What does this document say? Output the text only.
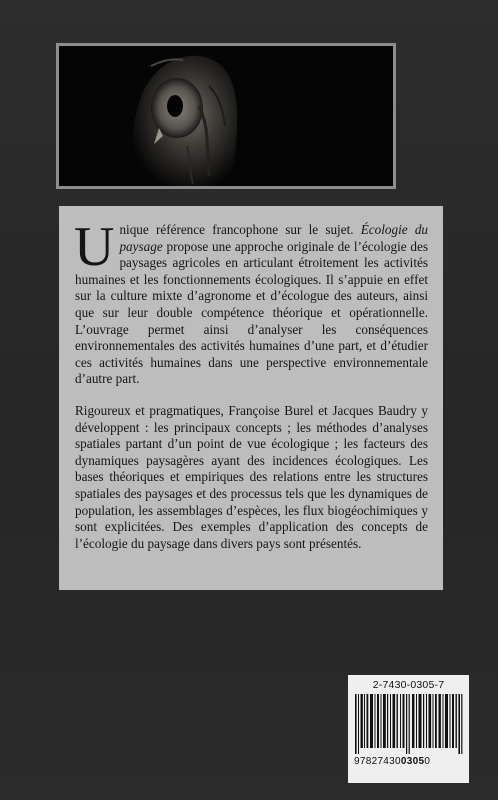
Unique référence francophone sur le sujet. Écologie du paysage propose une approche originale de l’écologie des paysages agricoles en articulant étroitement les activités humaines et les fonctionnements écologiques. Il s’appuie en effet sur la culture mixte d’agronome et d’écologue des auteurs, ainsi que sur leur double compétence théorique et opérationnelle. L’ouvrage permet ainsi d’analyser les conséquences environnementales des activités humaines d’une part, et d’étudier ces activités humaines dans une perspective environnementale d’autre part.

Rigoureux et pragmatiques, Françoise Burel et Jacques Baudry y développent : les principaux concepts ; les méthodes d’analyses spatiales partant d’un point de vue écologique ; les facteurs des dynamiques paysagères ayant des incidences écologiques. Les bases théoriques et empiriques des relations entre les structures spatiales des paysages et des processus tels que les dynamiques de population, les assemblages d’espèces, les flux biogéochimiques y sont explicitées. Des exemples d’application des concepts de l’écologie du paysage dans divers pays sont présentés.

2-7430-0305-7
9782743003050
